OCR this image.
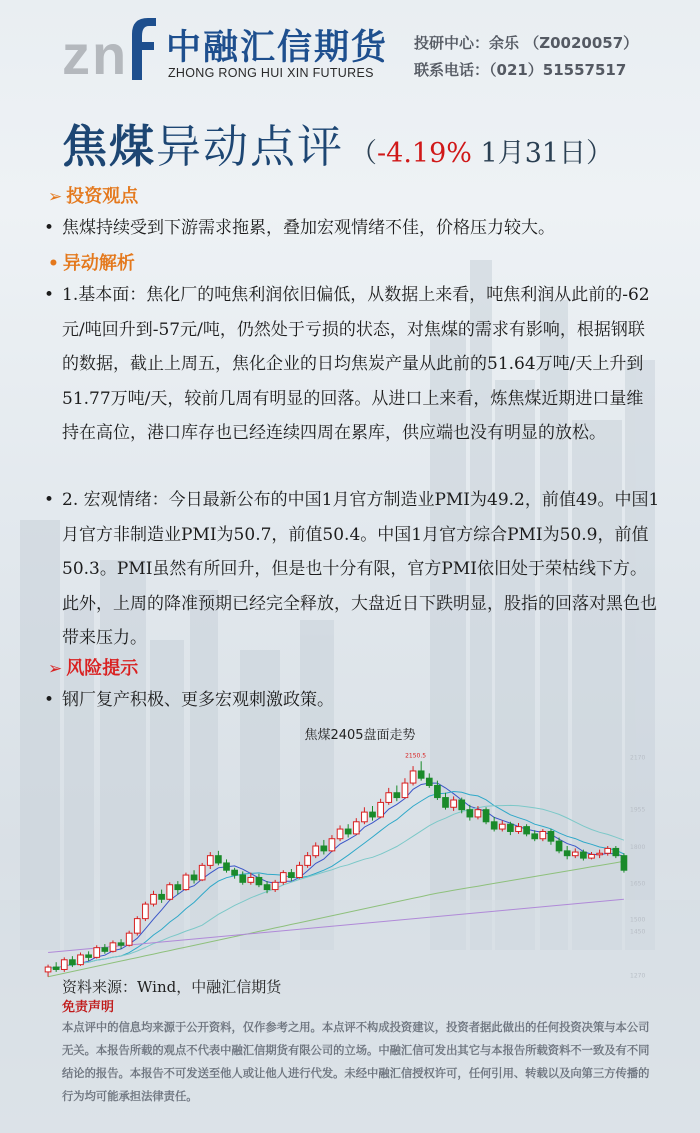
z n 中融汇信期货
ZHONG RONG HUI XIN FUTURES
投研中心：余乐 （Z0020057）
联系电话：（021）51557517
焦煤异动点评 （-4.19% 1月31日）
➢ 投资观点
• 焦煤持续受到下游需求拖累，叠加宏观情绪不佳，价格压力较大。
• 异动解析
• 1.基本面：焦化厂的吨焦利润依旧偏低，从数据上来看，吨焦利润从此前的-62元/吨回升到-57元/吨，仍然处于亏损的状态，对焦煤的需求有影响，根据钢联的数据，截止上周五，焦化企业的日均焦炭产量从此前的51.64万吨/天上升到51.77万吨/天，较前几周有明显的回落。从进口上来看，炼焦煤近期进口量维持在高位，港口库存也已经连续四周在累库，供应端也没有明显的放松。
• 2. 宏观情绪：今日最新公布的中国1月官方制造业PMI为49.2，前值49。中国1月官方非制造业PMI为50.7，前值50.4。中国1月官方综合PMI为50.9，前值 50.3。PMI虽然有所回升，但是也十分有限，官方PMI依旧处于荣枯线下方。此外，上周的降准预期已经完全释放，大盘近日下跌明显，股指的回落对黑色也带来压力。
➢ 风险提示
• 钢厂复产积极、更多宏观刺激政策。
焦煤2405盘面走势
2170
1955
1800
1650
1500
1450
1270
2150.5
资料来源：Wind，中融汇信期货
免责声明
本点评中的信息均来源于公开资料，仅作参考之用。本点评不构成投资建议，投资者据此做出的任何投资决策与本公司无关。本报告所载的观点不代表中融汇信期货有限公司的立场。中融汇信可发出其它与本报告所载资料不一致及有不同结论的报告。本报告不可发送至他人或让他人进行代发。未经中融汇信授权许可，任何引用、转载以及向第三方传播的行为均可能承担法律责任。
